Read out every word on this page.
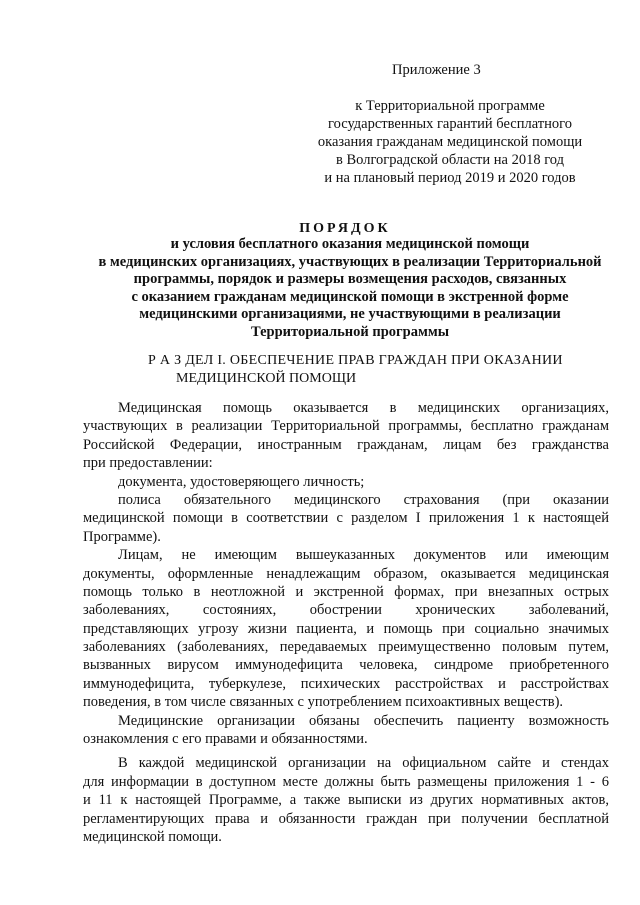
Приложение 3
к Территориальной программе
государственных гарантий бесплатного
оказания гражданам медицинской помощи
в Волгоградской области на 2018 год
и на плановый период 2019 и 2020 годов
ПОРЯДОК
и условия бесплатного оказания медицинской помощи
в медицинских организациях, участвующих в реализации Территориальной
программы, порядок и размеры возмещения расходов, связанных
с оказанием гражданам медицинской помощи в экстренной форме
медицинскими организациями, не участвующими в реализации
Территориальной программы
Р А З ДЕЛ I. ОБЕСПЕЧЕНИЕ ПРАВ ГРАЖДАН ПРИ ОКАЗАНИИ
МЕДИЦИНСКОЙ ПОМОЩИ
Медицинская помощь оказывается в медицинских организациях,
участвующих в реализации Территориальной программы, бесплатно гражданам
Российской Федерации, иностранным гражданам, лицам без гражданства
при предоставлении:
документа, удостоверяющего личность;
полиса обязательного медицинского страхования (при оказании
медицинской помощи в соответствии с разделом I приложения 1 к настоящей
Программе).
Лицам, не имеющим вышеуказанных документов или имеющим
документы, оформленные ненадлежащим образом, оказывается медицинская
помощь только в неотложной и экстренной формах, при внезапных острых
заболеваниях, состояниях, обострении хронических заболеваний,
представляющих угрозу жизни пациента, и помощь при социально значимых
заболеваниях (заболеваниях, передаваемых преимущественно половым путем,
вызванных вирусом иммунодефицита человека, синдроме приобретенного
иммунодефицита, туберкулезе, психических расстройствах и расстройствах
поведения, в том числе связанных с употреблением психоактивных веществ).
Медицинские организации обязаны обеспечить пациенту возможность
ознакомления с его правами и обязанностями.
В каждой медицинской организации на официальном сайте и стендах
для информации в доступном месте должны быть размещены приложения 1 - 6
и 11 к настоящей Программе, а также выписки из других нормативных актов,
регламентирующих права и обязанности граждан при получении бесплатной
медицинской помощи.
